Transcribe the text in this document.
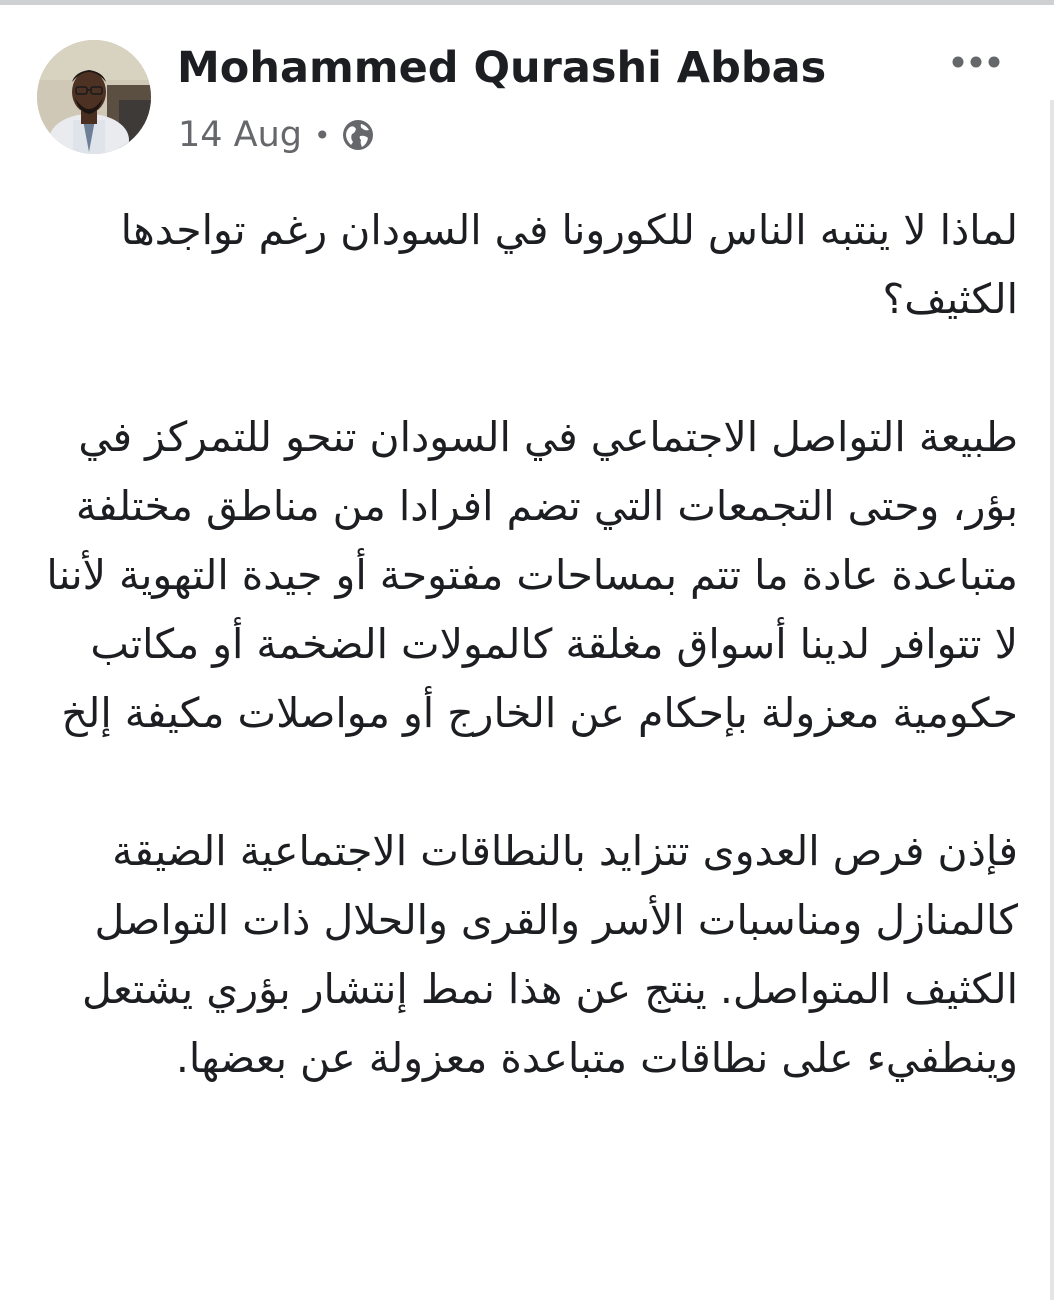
Mohammed Qurashi Abbas
14 Aug •

لماذا لا ينتبه الناس للكورونا في السودان رغم تواجدها الكثيف؟

طبيعة التواصل الاجتماعي في السودان تنحو للتمركز في بؤر، وحتى التجمعات التي تضم افرادا من مناطق مختلفة متباعدة عادة ما تتم بمساحات مفتوحة أو جيدة التهوية لأننا لا تتوافر لدينا أسواق مغلقة كالمولات الضخمة أو مكاتب حكومية معزولة بإحكام عن الخارج أو مواصلات مكيفة إلخ

فإذن فرص العدوى تتزايد بالنطاقات الاجتماعية الضيقة كالمنازل ومناسبات الأسر والقرى والحلال ذات التواصل الكثيف المتواصل. ينتج عن هذا نمط إنتشار بؤري يشتعل وينطفيء على نطاقات متباعدة معزولة عن بعضها.
